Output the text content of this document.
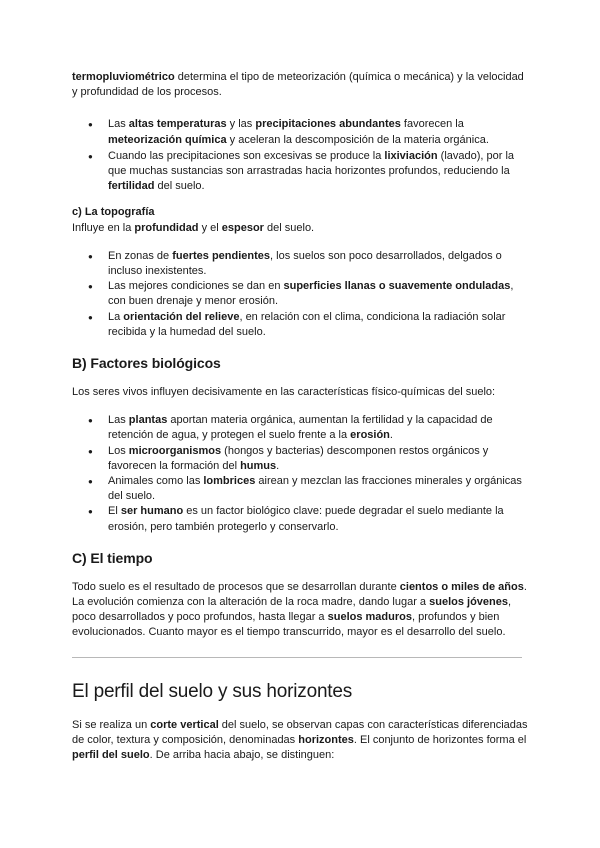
termopluviométrico determina el tipo de meteorización (química o mecánica) y la velocidad y profundidad de los procesos.

● Las altas temperaturas y las precipitaciones abundantes favorecen la meteorización química y aceleran la descomposición de la materia orgánica.
● Cuando las precipitaciones son excesivas se produce la lixiviación (lavado), por la que muchas sustancias son arrastradas hacia horizontes profundos, reduciendo la fertilidad del suelo.

c) La topografía

Influye en la profundidad y el espesor del suelo.

● En zonas de fuertes pendientes, los suelos son poco desarrollados, delgados o incluso inexistentes.
● Las mejores condiciones se dan en superficies llanas o suavemente onduladas, con buen drenaje y menor erosión.
● La orientación del relieve, en relación con el clima, condiciona la radiación solar recibida y la humedad del suelo.
B) Factores biológicos

Los seres vivos influyen decisivamente en las características físico-químicas del suelo:

● Las plantas aportan materia orgánica, aumentan la fertilidad y la capacidad de retención de agua, y protegen el suelo frente a la erosión.
● Los microorganismos (hongos y bacterias) descomponen restos orgánicos y favorecen la formación del humus.
● Animales como las lombrices airean y mezclan las fracciones minerales y orgánicas del suelo.
● El ser humano es un factor biológico clave: puede degradar el suelo mediante la erosión, pero también protegerlo y conservarlo.
C) El tiempo

Todo suelo es el resultado de procesos que se desarrollan durante cientos o miles de años. La evolución comienza con la alteración de la roca madre, dando lugar a suelos jóvenes, poco desarrollados y poco profundos, hasta llegar a suelos maduros, profundos y bien evolucionados. Cuanto mayor es el tiempo transcurrido, mayor es el desarrollo del suelo.

El perfil del suelo y sus horizontes

Si se realiza un corte vertical del suelo, se observan capas con características diferenciadas de color, textura y composición, denominadas horizontes. El conjunto de horizontes forma el perfil del suelo. De arriba hacia abajo, se distinguen:
